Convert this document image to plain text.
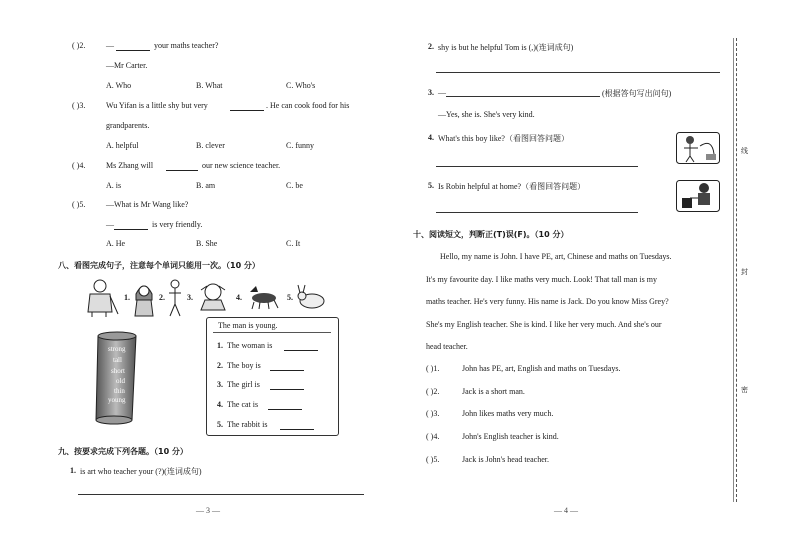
( )2.	—	your maths teacher?
—Mr Carter.
A. Who	B. What	C. Who's
( )3.	Wu Yifan is a little shy but very	. He can cook food for his
grandparents.
A. helpful	B. clever	C. funny
( )4.	Ms Zhang will	our new science teacher.
A. is	B. am	C. be
( )5.	—What is Mr Wang like?
—	is very friendly.
A. He	B. She	C. It
八、看图完成句子，注意每个单词只能用一次。（10 分）
1.	2.	3.	4.	5.
strong
tall
short
old
thin
young
The man is young.
1. The woman is
2. The boy is
3. The girl is
4. The cat is
5. The rabbit is
九、按要求完成下列各题。（10 分）
1. is art who teacher your (?)(连词成句)
— 3 —
2. shy is but he helpful Tom is (,)(连词成句)
3. —	(根据答句写出问句)
—Yes, she is. She's very kind.
4. What's this boy like?（看图回答问题）
5. Is Robin helpful at home?（看图回答问题）
十、阅读短文，判断正(T)误(F)。（10 分）
Hello, my name is John. I have PE, art, Chinese and maths on Tuesdays.
It's my favourite day. I like maths very much. Look! That tall man is my
maths teacher. He's very funny. His name is Jack. Do you know Miss Grey?
She's my English teacher. She is kind. I like her very much. And she's our
head teacher.
( )1.	John has PE, art, English and maths on Tuesdays.
( )2.	Jack is a short man.
( )3.	John likes maths very much.
( )4.	John's English teacher is kind.
( )5.	Jack is John's head teacher.
— 4 —
线
封
密
